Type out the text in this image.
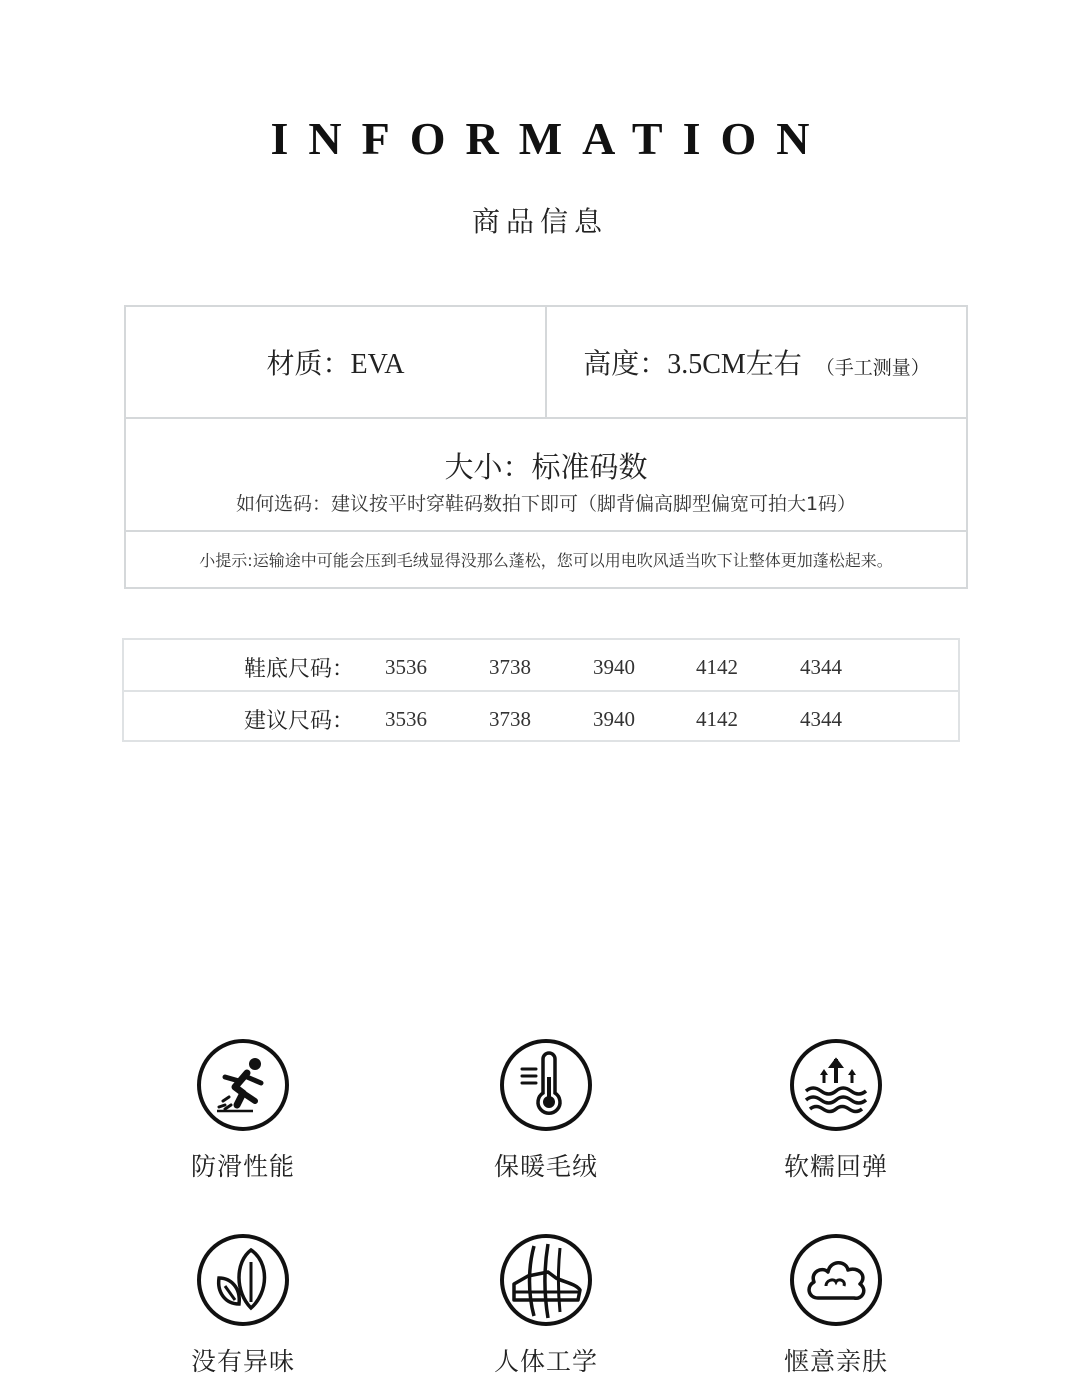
INFORMATION
商品信息
材质：EVA	高度：3.5CM左右 （手工测量）
大小：标准码数
如何选码：建议按平时穿鞋码数拍下即可（脚背偏高脚型偏宽可拍大1码）
小提示:运输途中可能会压到毛绒显得没那么蓬松，您可以用电吹风适当吹下让整体更加蓬松起来。
鞋底尺码： 3536	3738	3940	4142	4344
建议尺码： 3536	3738	3940	4142	4344
防滑性能	保暖毛绒	软糯回弹
没有异味	人体工学	惬意亲肤
